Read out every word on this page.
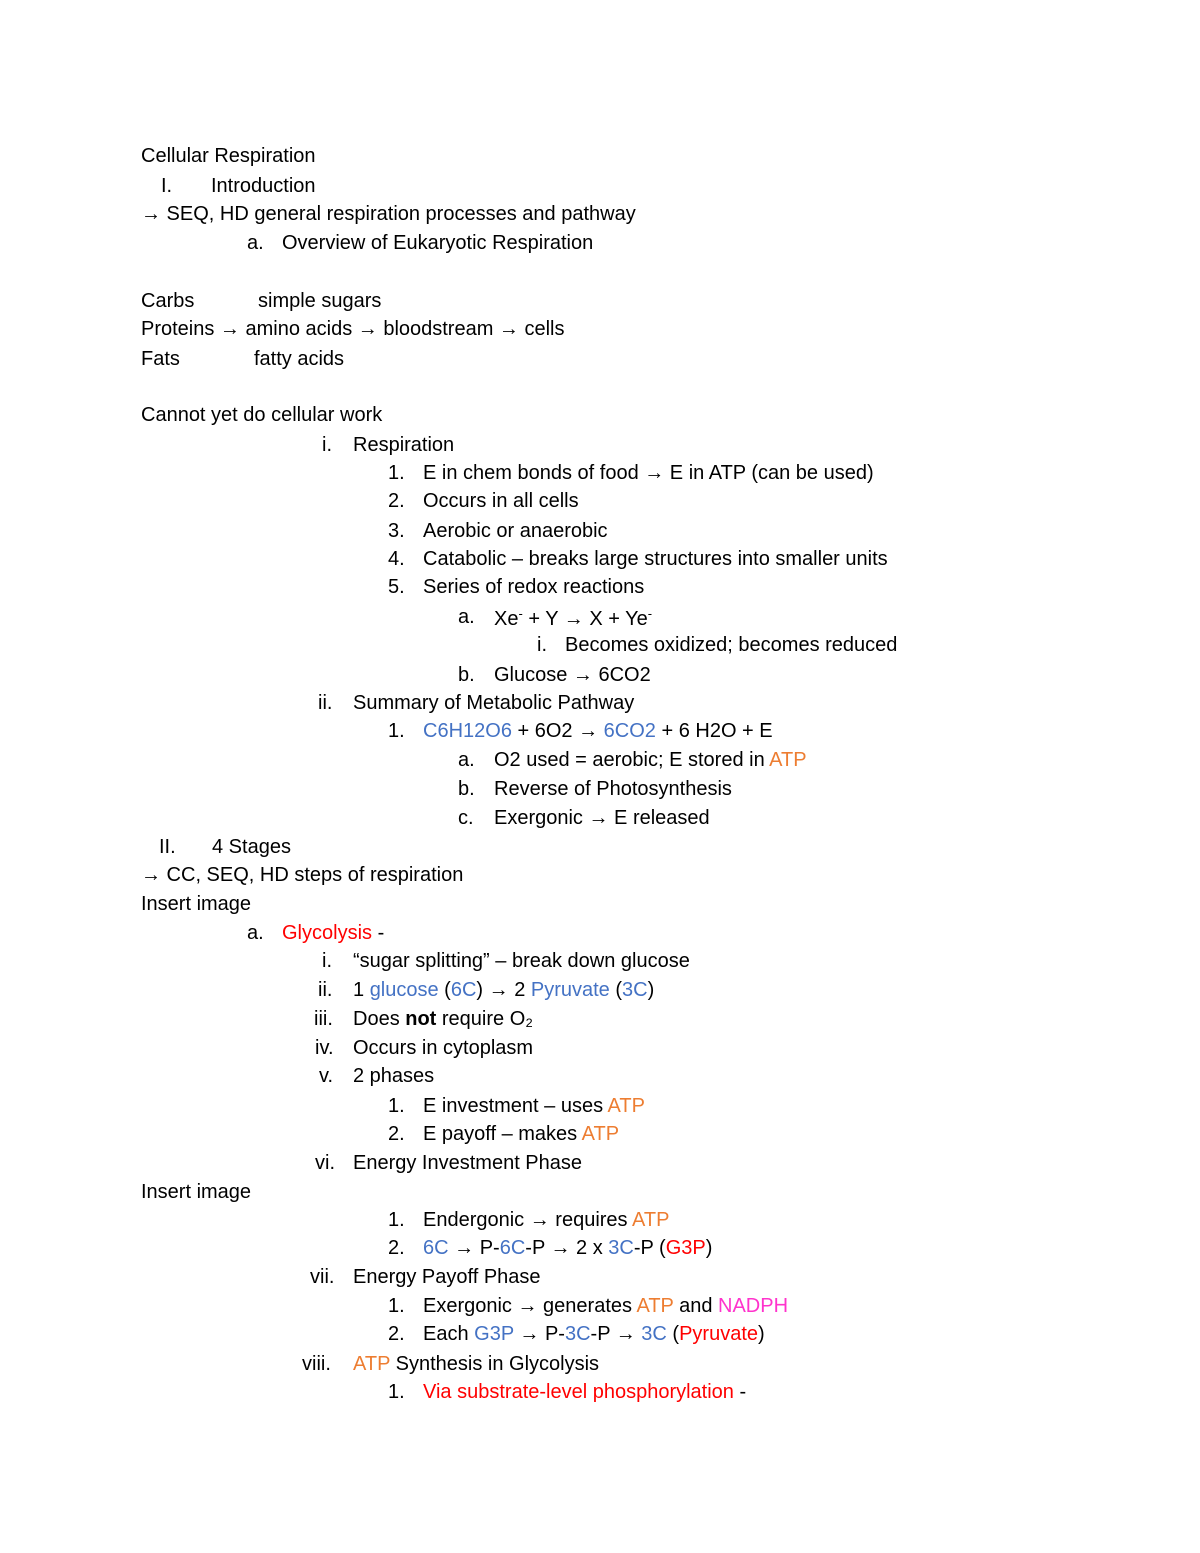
Cellular Respiration
I. Introduction
→ SEQ, HD general respiration processes and pathway
a. Overview of Eukaryotic Respiration
Carbs	simple sugars
Proteins → amino acids → bloodstream → cells
Fats	fatty acids
Cannot yet do cellular work
i. Respiration
1. E in chem bonds of food → E in ATP (can be used)
2. Occurs in all cells
3. Aerobic or anaerobic
4. Catabolic – breaks large structures into smaller units
5. Series of redox reactions
a. Xe- + Y → X + Ye-
i. Becomes oxidized; becomes reduced
b. Glucose → 6CO2
ii. Summary of Metabolic Pathway
1. C6H12O6 + 6O2 → 6CO2 + 6 H2O + E
a. O2 used = aerobic; E stored in ATP
b. Reverse of Photosynthesis
c. Exergonic → E released
II. 4 Stages
→ CC, SEQ, HD steps of respiration
Insert image
a. Glycolysis -
i. “sugar splitting” – break down glucose
ii. 1 glucose (6C) → 2 Pyruvate (3C)
iii. Does not require O₂
iv. Occurs in cytoplasm
v. 2 phases
1. E investment – uses ATP
2. E payoff – makes ATP
vi. Energy Investment Phase
Insert image
1. Endergonic → requires ATP
2. 6C → P-6C-P → 2 x 3C-P (G3P)
vii. Energy Payoff Phase
1. Exergonic → generates ATP and NADPH
2. Each G3P → P-3C-P → 3C (Pyruvate)
viii. ATP Synthesis in Glycolysis
1. Via substrate-level phosphorylation -
